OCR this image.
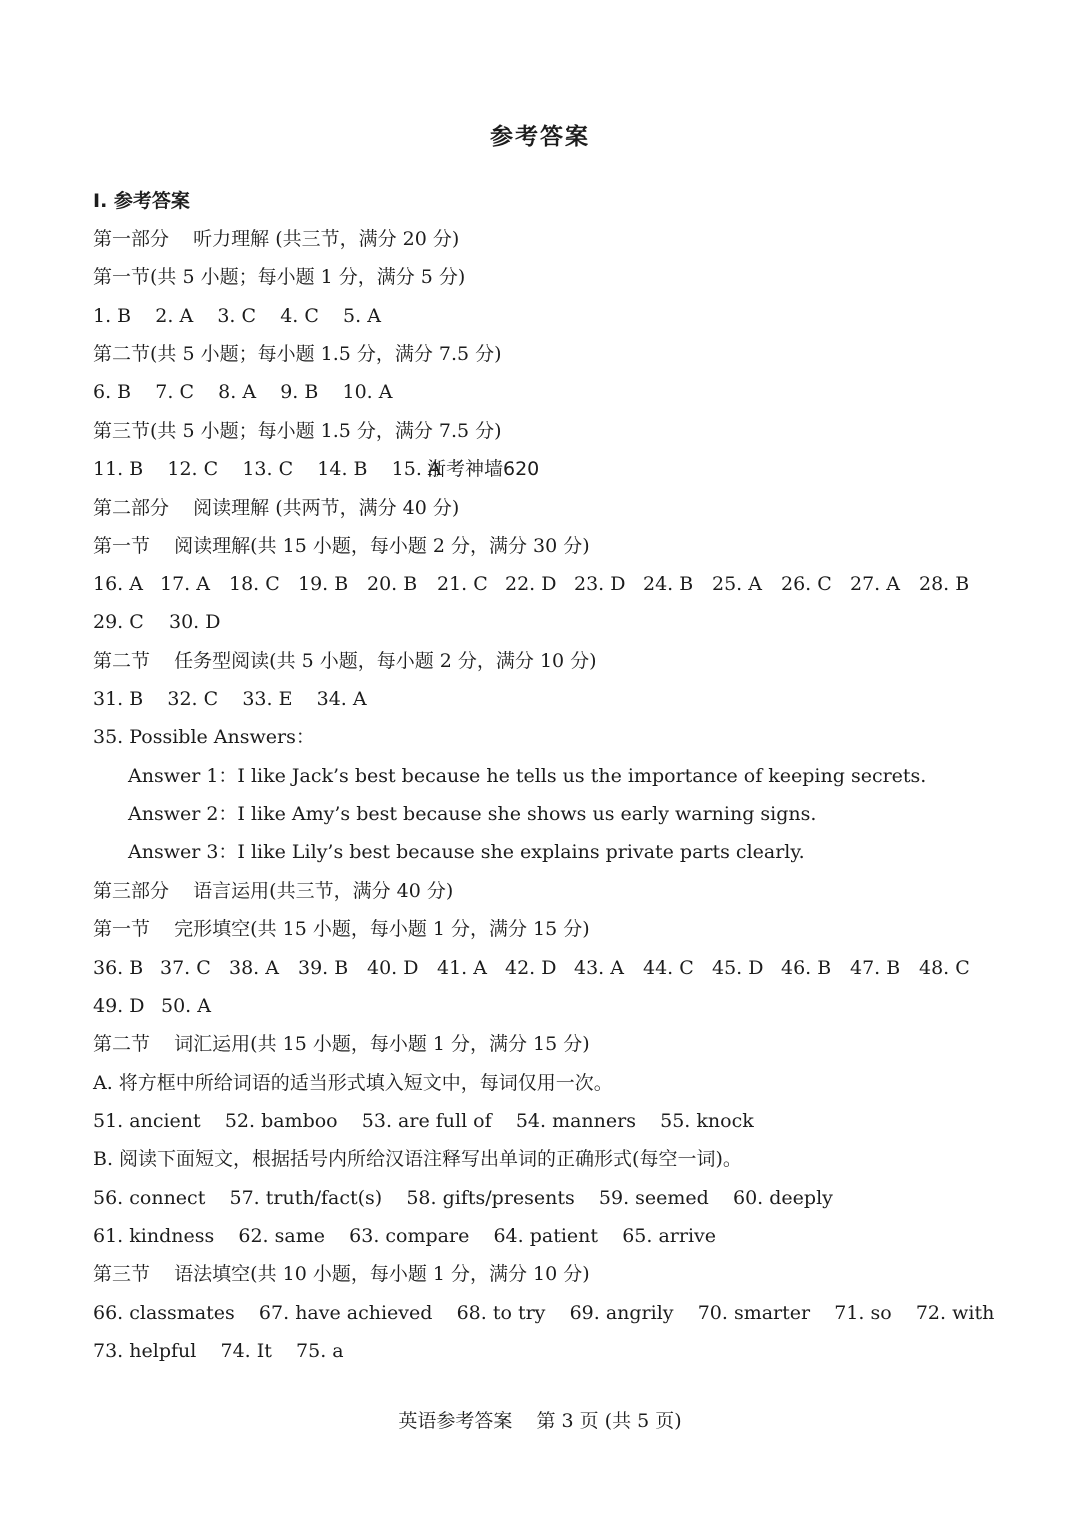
参考答案
Ⅰ. 参考答案
第一部分    听力理解 (共三节，满分 20 分)
第一节(共 5 小题；每小题 1 分，满分 5 分)
1. B    2. A    3. C    4. C    5. A
第二节(共 5 小题；每小题 1.5 分，满分 7.5 分)
6. B    7. C    8. A    9. B    10. A
第三节(共 5 小题；每小题 1.5 分，满分 7.5 分)
11. B    12. C    13. C    14. B    15. A
浙考神墙620
第二部分    阅读理解 (共两节，满分 40 分)
第一节    阅读理解(共 15 小题，每小题 2 分，满分 30 分)
16. A 17. A 18. C 19. B 20. B 21. C 22. D 23. D 24. B 25. A 26. C 27. A 28. B
29. C 30. D
第二节    任务型阅读(共 5 小题，每小题 2 分，满分 10 分)
31. B    32. C    33. E    34. A
35. Possible Answers：
Answer 1：I like Jack’s best because he tells us the importance of keeping secrets.
Answer 2：I like Amy’s best because she shows us early warning signs.
Answer 3：I like Lily’s best because she explains private parts clearly.
第三部分    语言运用(共三节，满分 40 分)
第一节    完形填空(共 15 小题，每小题 1 分，满分 15 分)
36. B 37. C 38. A 39. B 40. D 41. A 42. D 43. A 44. C 45. D 46. B 47. B 48. C
49. D 50. A
第二节    词汇运用(共 15 小题，每小题 1 分，满分 15 分)
A. 将方框中所给词语的适当形式填入短文中，每词仅用一次。
51. ancient    52. bamboo    53. are full of    54. manners    55. knock
B. 阅读下面短文，根据括号内所给汉语注释写出单词的正确形式(每空一词)。
56. connect    57. truth/fact(s)    58. gifts/presents    59. seemed    60. deeply
61. kindness    62. same    63. compare    64. patient    65. arrive
第三节    语法填空(共 10 小题，每小题 1 分，满分 10 分)
66. classmates    67. have achieved    68. to try    69. angrily    70. smarter    71. so    72. with
73. helpful    74. It    75. a
英语参考答案    第 3 页 (共 5 页)
